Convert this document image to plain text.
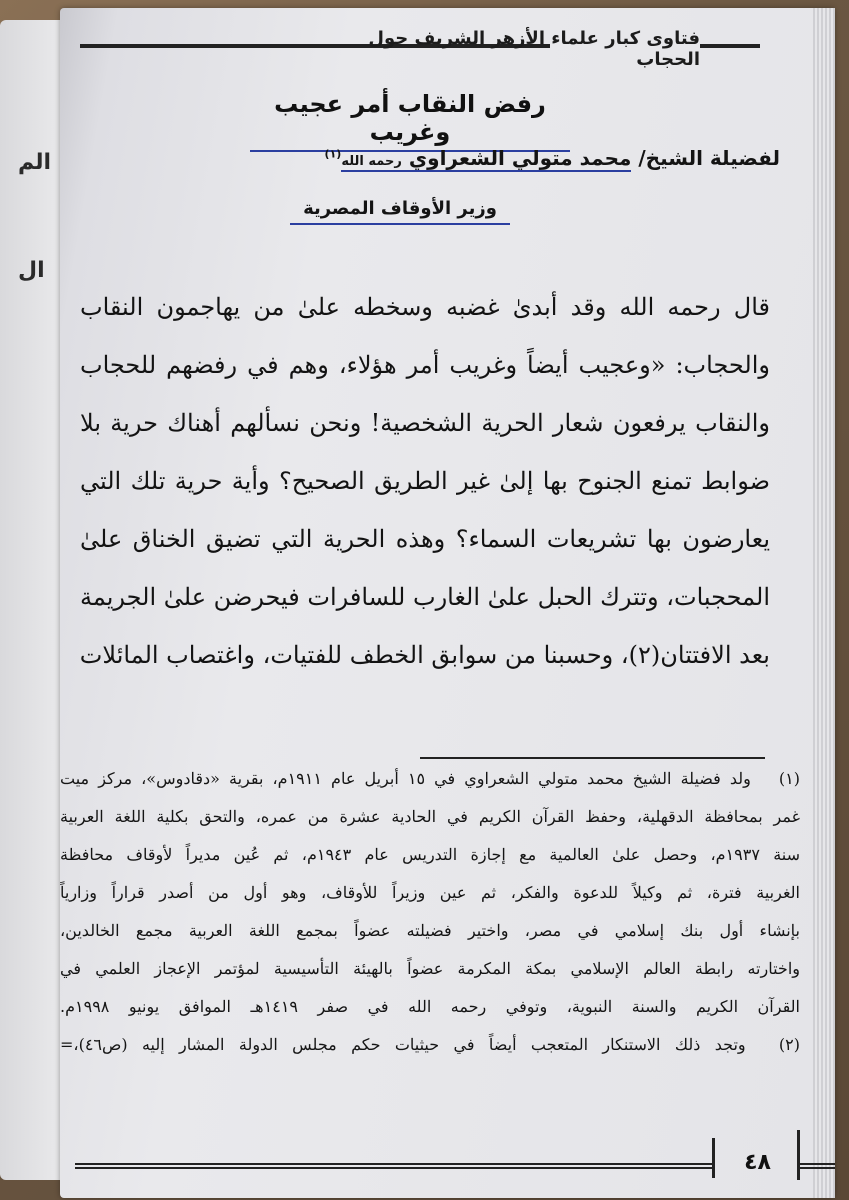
الم
ال
فتاوى كبار علماء الأزهر الشريف حول الحجاب
رفض النقاب أمر عجيب وغريب
لفضيلة الشيخ/ محمد متولي الشعراوي رحمه الله$^{(١)}$
وزير الأوقاف المصرية
قال رحمه الله وقد أبدىٰ غضبه وسخطه علىٰ من يهاجمون النقاب
والحجاب: «وعجيب أيضاً وغريب أمر هؤلاء، وهم في رفضهم للحجاب
والنقاب يرفعون شعار الحرية الشخصية! ونحن نسألهم أهناك حرية بلا
ضوابط تمنع الجنوح بها إلىٰ غير الطريق الصحيح؟ وأية حرية تلك التي
يعارضون بها تشريعات السماء؟ وهذه الحرية التي تضيق الخناق علىٰ
المحجبات، وتترك الحبل علىٰ الغارب للسافرات فيحرضن علىٰ الجريمة
بعد الافتتان(٢)، وحسبنا من سوابق الخطف للفتيات، واغتصاب المائلات
(١) ولد فضيلة الشيخ محمد متولي الشعراوي في ١٥ أبريل عام ١٩١١م، بقرية «دقادوس»، مركز ميت
غمر بمحافظة الدقهلية، وحفظ القرآن الكريم في الحادية عشرة من عمره، والتحق بكلية اللغة العربية
سنة ١٩٣٧م، وحصل علىٰ العالمية مع إجازة التدريس عام ١٩٤٣م، ثم عُين مديراً لأوقاف محافظة
الغربية فترة، ثم وكيلاً للدعوة والفكر، ثم عين وزيراً للأوقاف، وهو أول من أصدر قراراً وزارياً
بإنشاء أول بنك إسلامي في مصر، واختير فضيلته عضواً بمجمع اللغة العربية مجمع الخالدين،
واختارته رابطة العالم الإسلامي بمكة المكرمة عضواً بالهيئة التأسيسية لمؤتمر الإعجاز العلمي في
القرآن الكريم والسنة النبوية، وتوفي رحمه الله في صفر ١٤١٩هـ الموافق يونيو ١٩٩٨م.
(٢) وتجد ذلك الاستنكار المتعجب أيضاً في حيثيات حكم مجلس الدولة المشار إليه (ص٤٦)،=
٤٨
